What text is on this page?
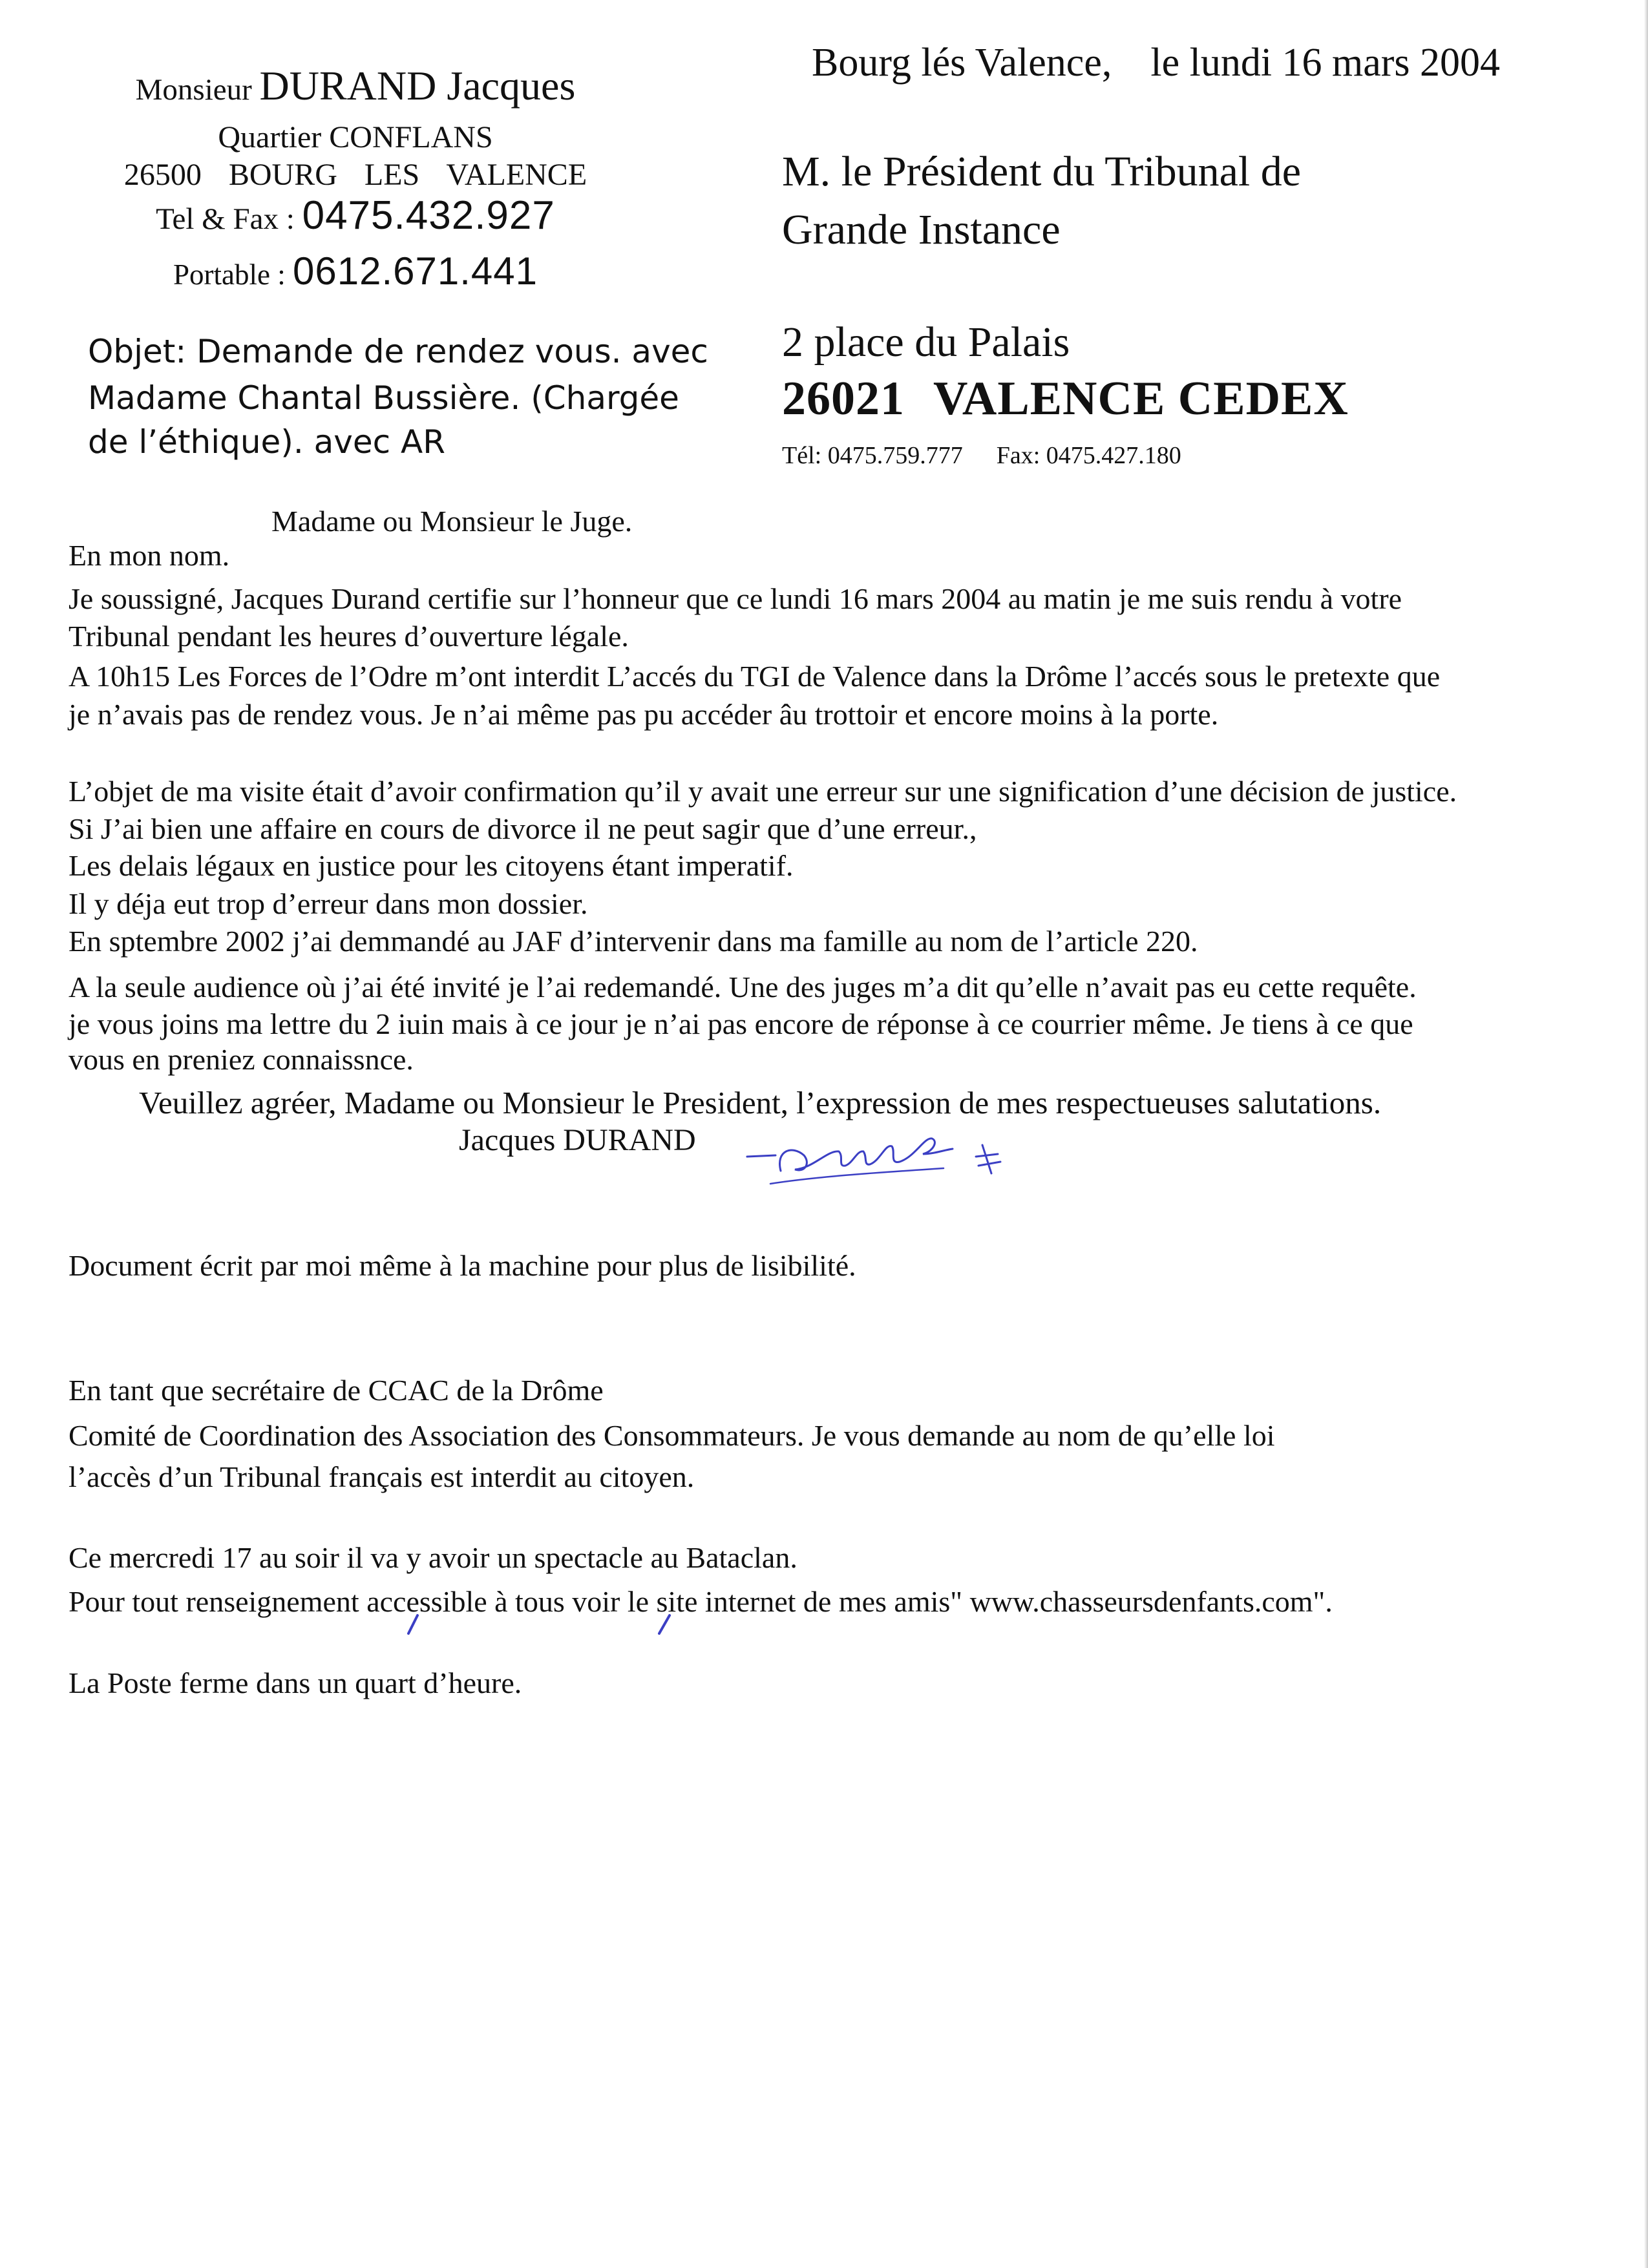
Monsieur DURAND Jacques
Quartier CONFLANS
26500 BOURG LES VALENCE
Tel & Fax : 0475.432.927
Portable : 0612.671.441
Objet: Demande de rendez vous. avec
Madame Chantal Bussière. (Chargée
de l’éthique). avec AR
Bourg lés Valence, le lundi 16 mars 2004
M. le Président du Tribunal de
Grande Instance
2 place du Palais
26021 VALENCE CEDEX
Tél: 0475.759.777 Fax: 0475.427.180
Madame ou Monsieur le Juge.
En mon nom.
Je soussigné, Jacques Durand certifie sur l’honneur que ce lundi 16 mars 2004 au matin je me suis rendu à votre
Tribunal pendant les heures d’ouverture légale.
A 10h15 Les Forces de l’Odre m’ont interdit L’accés du TGI de Valence dans la Drôme l’accés sous le pretexte que
je n’avais pas de rendez vous. Je n’ai même pas pu accéder âu trottoir et encore moins à la porte.
L’objet de ma visite était d’avoir confirmation qu’il y avait une erreur sur une signification d’une décision de justice.
Si J’ai bien une affaire en cours de divorce il ne peut sagir que d’une erreur.,
Les delais légaux en justice pour les citoyens étant imperatif.
Il y déja eut trop d’erreur dans mon dossier.
En sptembre 2002 j’ai demmandé au JAF d’intervenir dans ma famille au nom de l’article 220.
A la seule audience où j’ai été invité je l’ai redemandé. Une des juges m’a dit qu’elle n’avait pas eu cette requête.
je vous joins ma lettre du 2 iuin mais à ce jour je n’ai pas encore de réponse à ce courrier même. Je tiens à ce que
vous en preniez connaissnce.
Veuillez agréer, Madame ou Monsieur le President, l’expression de mes respectueuses salutations.
Jacques DURAND
Document écrit par moi même à la machine pour plus de lisibilité.
En tant que secrétaire de CCAC de la Drôme
Comité de Coordination des Association des Consommateurs. Je vous demande au nom de qu’elle loi
l’accès d’un Tribunal français est interdit au citoyen.
Ce mercredi 17 au soir il va y avoir un spectacle au Bataclan.
Pour tout renseignement accessible à tous voir le site internet de mes amis" www.chasseursdenfants.com".
La Poste ferme dans un quart d’heure.
